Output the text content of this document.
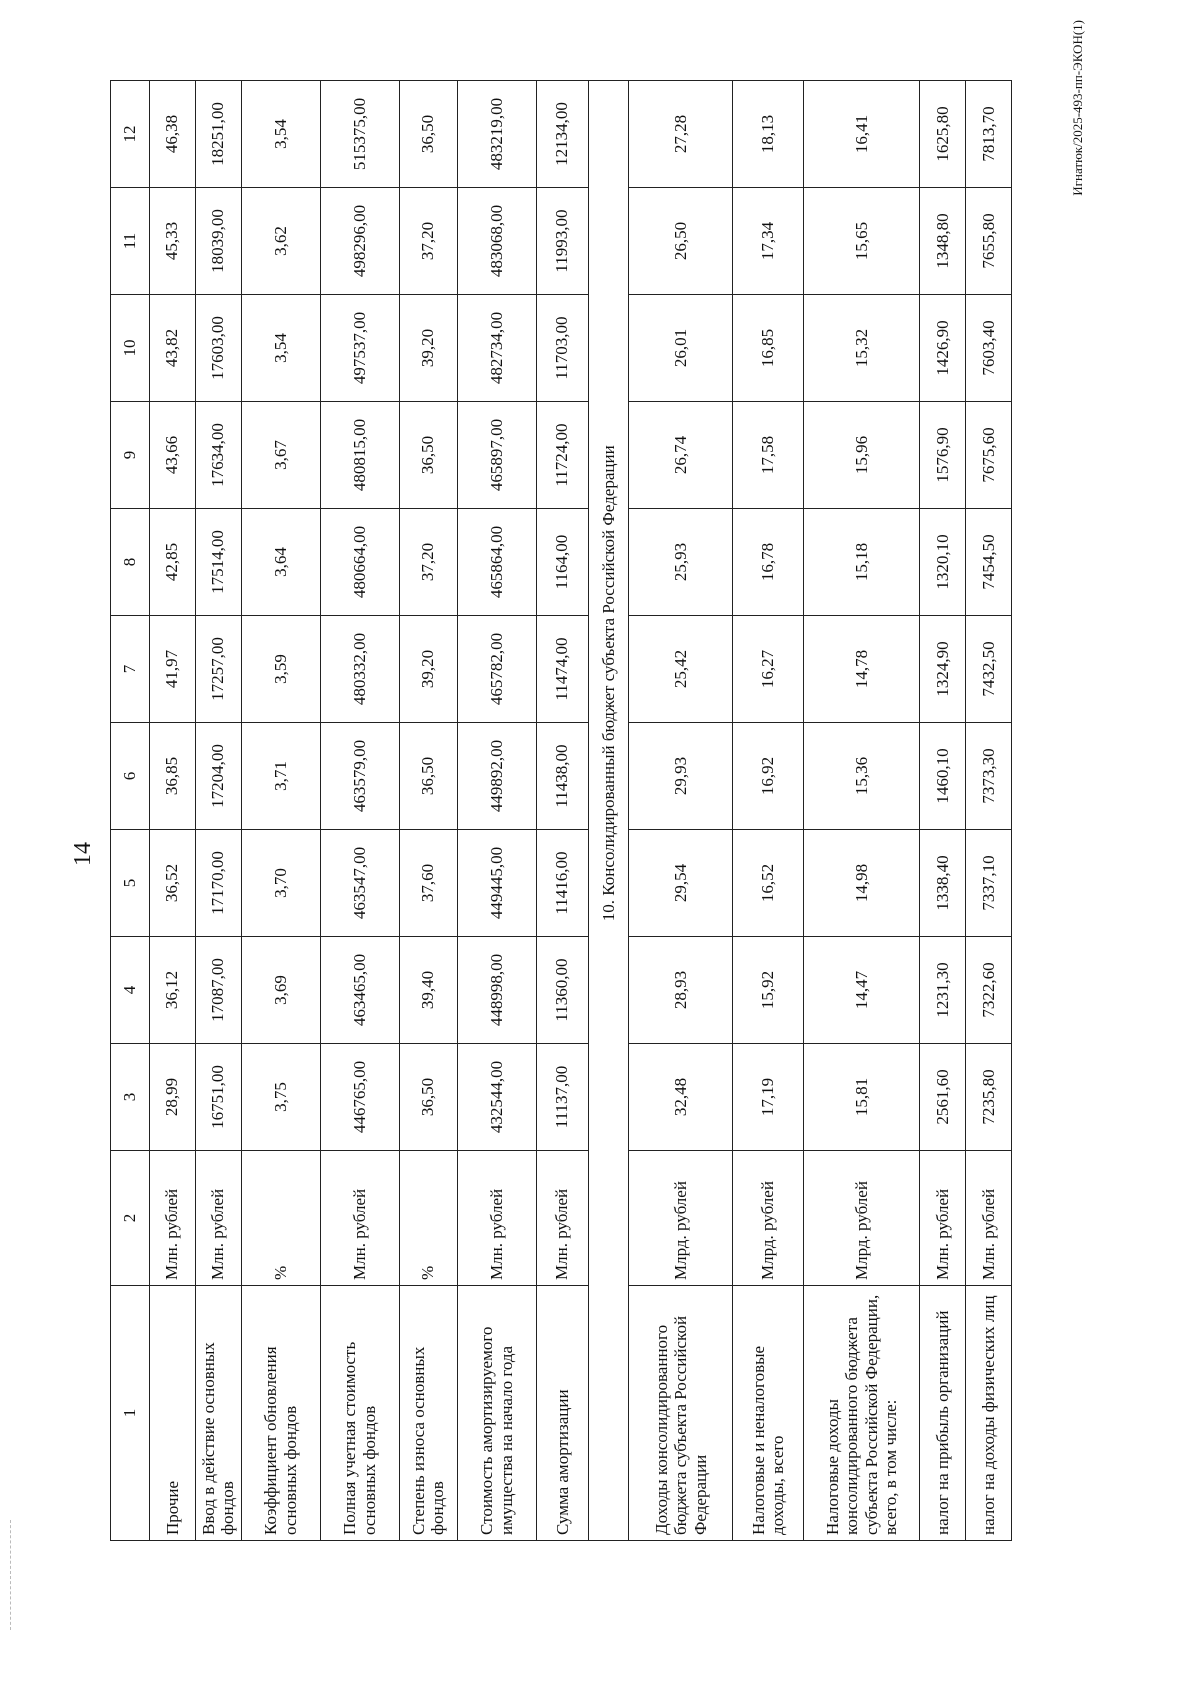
14
1	2	3	4	5	6	7	8	9	10	11	12
Прочие	Млн. рублей	28,99	36,12	36,52	36,85	41,97	42,85	43,66	43,82	45,33	46,38
Ввод в действие основных фондов	Млн. рублей	16751,00	17087,00	17170,00	17204,00	17257,00	17514,00	17634,00	17603,00	18039,00	18251,00
Коэффициент обновления основных фондов	%	3,75	3,69	3,70	3,71	3,59	3,64	3,67	3,54	3,62	3,54
Полная учетная стоимость основных фондов	Млн. рублей	446765,00	463465,00	463547,00	463579,00	480332,00	480664,00	480815,00	497537,00	498296,00	515375,00
Степень износа основных фондов	%	36,50	39,40	37,60	36,50	39,20	37,20	36,50	39,20	37,20	36,50
Стоимость амортизируемого имущества на начало года	Млн. рублей	432544,00	448998,00	449445,00	449892,00	465782,00	465864,00	465897,00	482734,00	483068,00	483219,00
Сумма амортизации	Млн. рублей	11137,00	11360,00	11416,00	11438,00	11474,00	1164,00	11724,00	11703,00	11993,00	12134,00
	10. Консолидированный бюджет субъекта Российской Федерации										
Доходы консолидированного бюджета субъекта Российской Федерации	Млрд. рублей	32,48	28,93	29,54	29,93	25,42	25,93	26,74	26,01	26,50	27,28
Налоговые и неналоговые доходы, всего	Млрд. рублей	17,19	15,92	16,52	16,92	16,27	16,78	17,58	16,85	17,34	18,13
Налоговые доходы консолидированного бюджета субъекта Российской Федерации, всего, в том числе:	Млрд. рублей	15,81	14,47	14,98	15,36	14,78	15,18	15,96	15,32	15,65	16,41
налог на прибыль организаций	Млн. рублей	2561,60	1231,30	1338,40	1460,10	1324,90	1320,10	1576,90	1426,90	1348,80	1625,80
налог на доходы физических лиц	Млн. рублей	7235,80	7322,60	7337,10	7373,30	7432,50	7454,50	7675,60	7603,40	7655,80	7813,70	Игнатюк/2025-493-пп-ЭКОН(1)
